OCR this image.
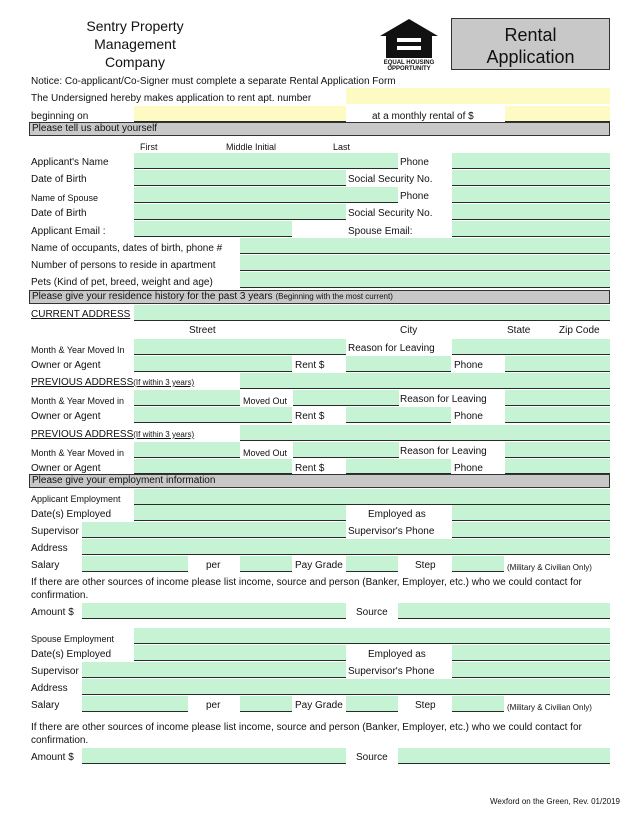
Sentry Property
Management
Company	EQUAL HOUSING
OPPORTUNITY
Rental
Application
Notice: Co-applicant/Co-Signer must complete a separate Rental Application Form
The Undersigned hereby makes application to rent apt. number
beginning on	at a monthly rental of $
Please tell us about yourself
First	Middle Initial	Last
Applicant's Name	Phone
Date of Birth	Social Security No.
Name of Spouse	Phone
Date of Birth	Social Security No.
Applicant Email :	Spouse Email:
Name of occupants, dates of birth, phone #
Number of persons to reside in apartment
Pets (Kind of pet, breed, weight and age)
Please give your residence history for the past 3 years (Beginning with the most current)
CURRENT ADDRESS
Street	City	State	Zip Code
Month & Year Moved In	Reason for Leaving
Owner or Agent	Rent $	Phone
PREVIOUS ADDRESS(If within 3 years)
Month & Year Moved in	Moved Out	Reason for Leaving
Owner or Agent	Rent $	Phone
PREVIOUS ADDRESS(If within 3 years)
Month & Year Moved in	Moved Out	Reason for Leaving
Owner or Agent	Rent $	Phone
Please give your employment information
Applicant Employment
Date(s) Employed	Employed as
Supervisor	Supervisor's Phone
Address
Salary	per	Pay Grade	Step	(Military & Civilian Only)
If there are other sources of income please list income, source and person (Banker, Employer, etc.) who we could contact for
confirmation.
Amount $	Source
Spouse Employment
Date(s) Employed	Employed as
Supervisor	Supervisor's Phone
Address
Salary	per	Pay Grade	Step	(Military & Civilian Only)
If there are other sources of income please list income, source and person (Banker, Employer, etc.) who we could contact for
confirmation.
Amount $	Source
Wexford on the Green, Rev. 01/2019
